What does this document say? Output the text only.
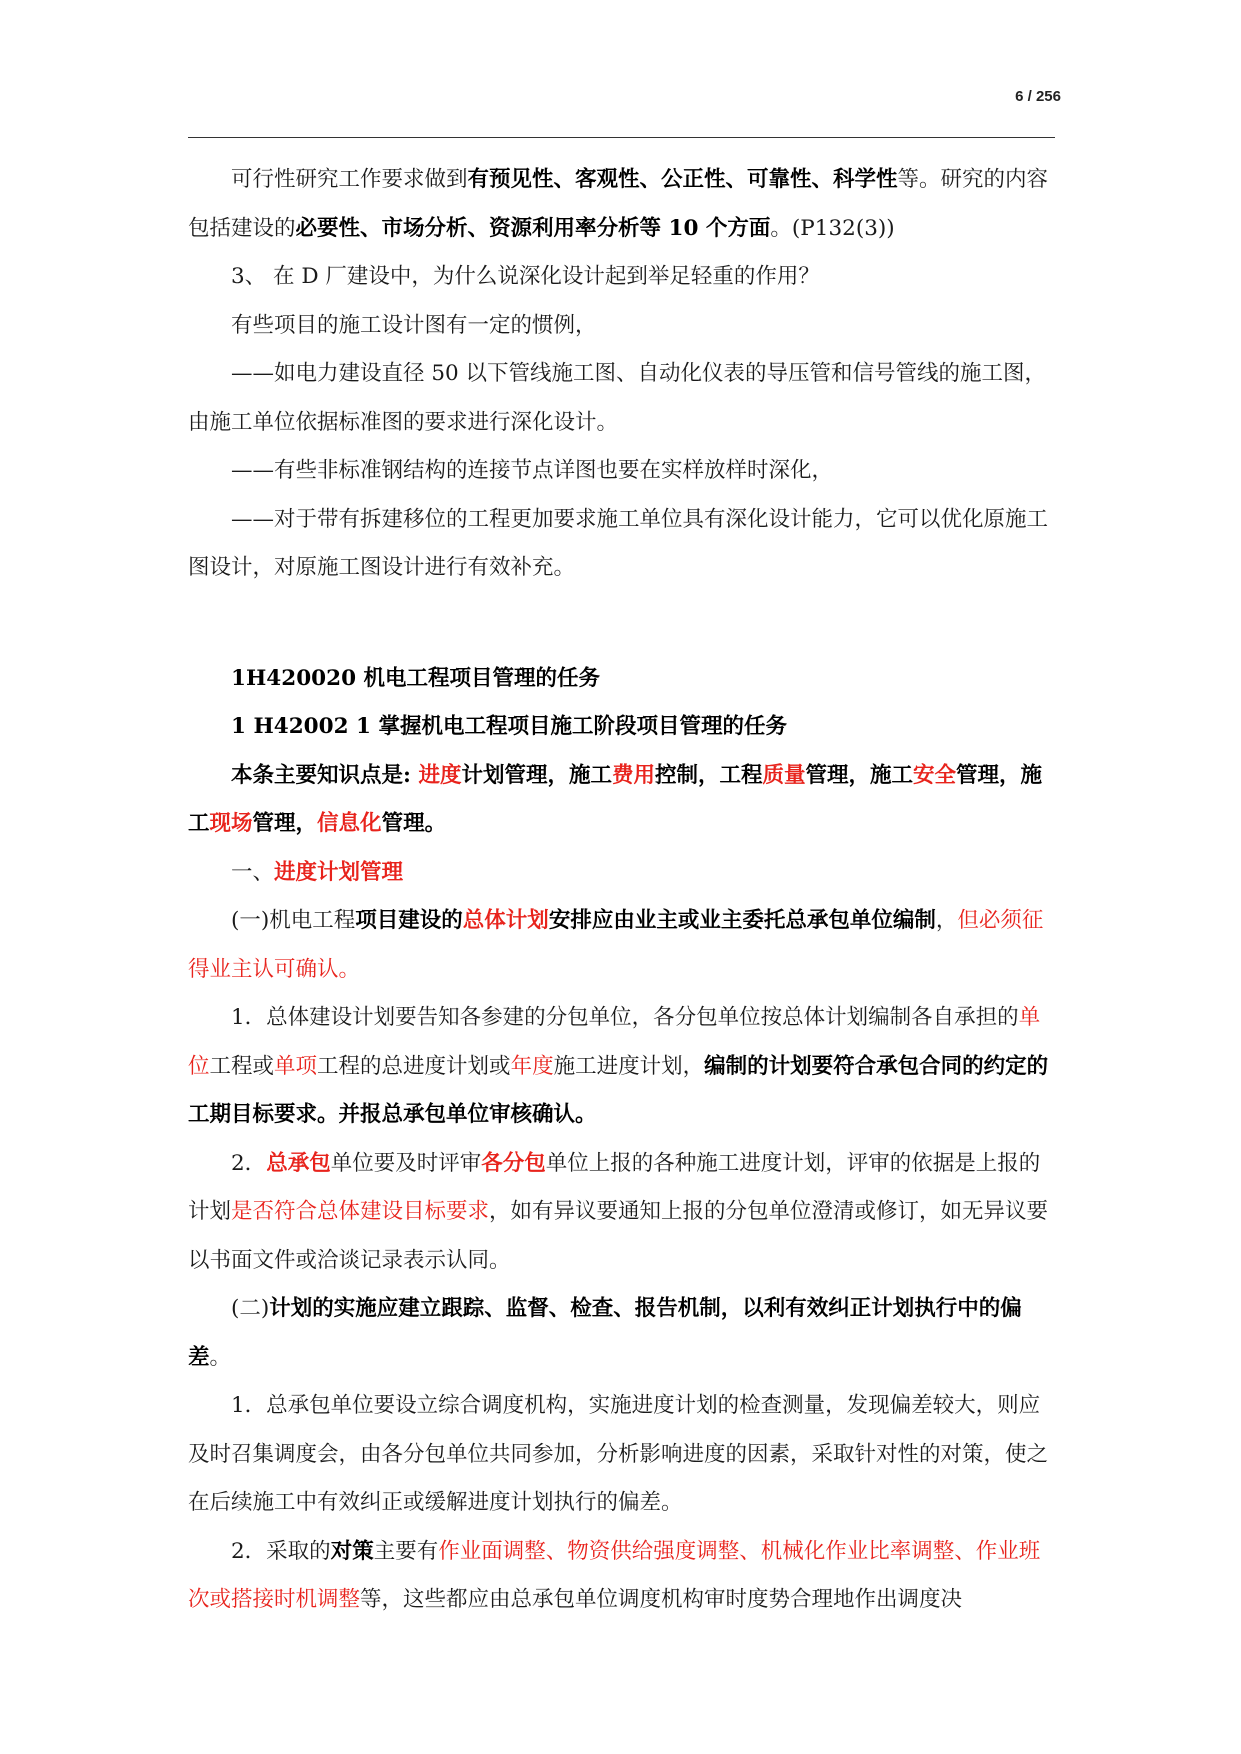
6 / 256

可行性研究工作要求做到有预见性、客观性、公正性、可靠性、科学性等。研究的内容包括建设的必要性、市场分析、资源利用率分析等 10 个方面。(P132(3))

3、 在 D 厂建设中，为什么说深化设计起到举足轻重的作用？

有些项目的施工设计图有一定的惯例，

——如电力建设直径 50 以下管线施工图、自动化仪表的导压管和信号管线的施工图，由施工单位依据标准图的要求进行深化设计。

——有些非标准钢结构的连接节点详图也要在实样放样时深化，

——对于带有拆建移位的工程更加要求施工单位具有深化设计能力，它可以优化原施工图设计，对原施工图设计进行有效补充。

1H420020 机电工程项目管理的任务

1 H42002 1 掌握机电工程项目施工阶段项目管理的任务

本条主要知识点是: 进度计划管理，施工费用控制，工程质量管理，施工安全管理，施工现场管理，信息化管理。

一、进度计划管理

(一)机电工程项目建设的总体计划安排应由业主或业主委托总承包单位编制，但必须征得业主认可确认。

1．总体建设计划要告知各参建的分包单位，各分包单位按总体计划编制各自承担的单位工程或单项工程的总进度计划或年度施工进度计划，编制的计划要符合承包合同的约定的工期目标要求。并报总承包单位审核确认。

2．总承包单位要及时评审各分包单位上报的各种施工进度计划，评审的依据是上报的计划是否符合总体建设目标要求，如有异议要通知上报的分包单位澄清或修订，如无异议要以书面文件或洽谈记录表示认同。

(二)计划的实施应建立跟踪、监督、检查、报告机制，以利有效纠正计划执行中的偏差。

1．总承包单位要设立综合调度机构，实施进度计划的检查测量，发现偏差较大，则应及时召集调度会，由各分包单位共同参加，分析影响进度的因素，采取针对性的对策，使之在后续施工中有效纠正或缓解进度计划执行的偏差。

2．采取的对策主要有作业面调整、物资供给强度调整、机械化作业比率调整、作业班次或搭接时机调整等，这些都应由总承包单位调度机构审时度势合理地作出调度决
